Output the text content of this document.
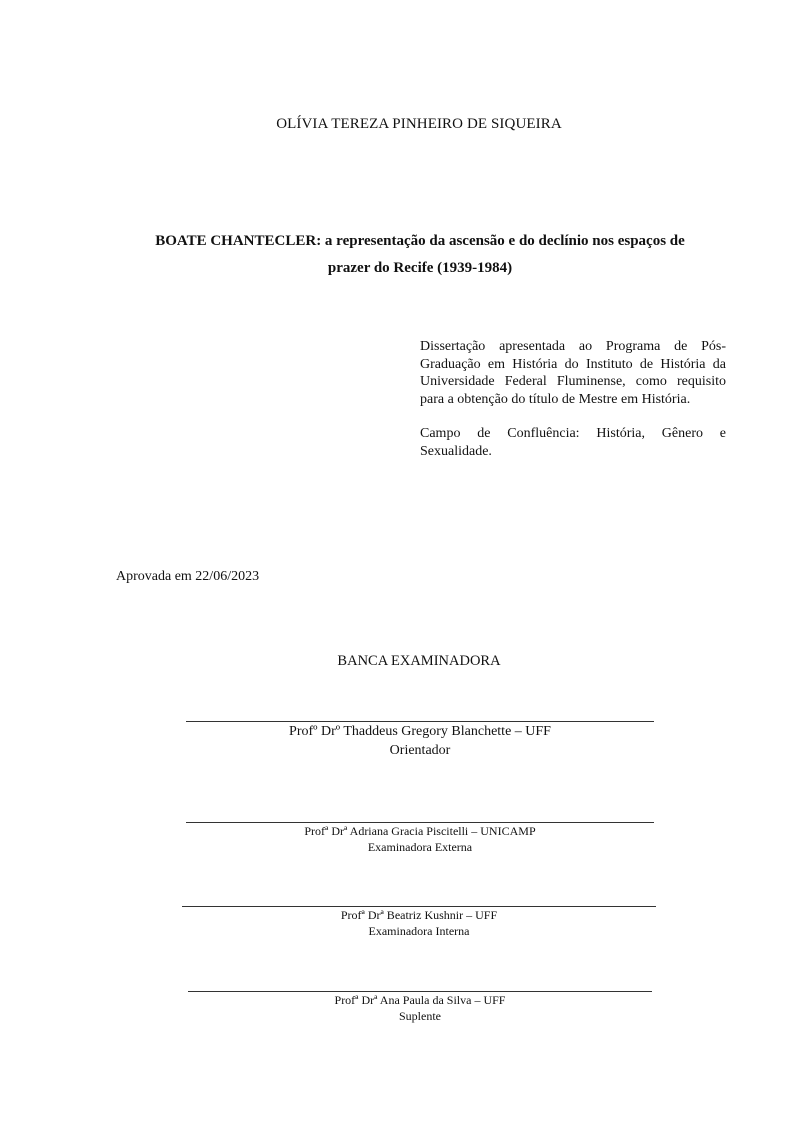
OLÍVIA TEREZA PINHEIRO DE SIQUEIRA
BOATE CHANTECLER: a representação da ascensão e do declínio nos espaços de
prazer do Recife (1939-1984)

Dissertação apresentada ao Programa de Pós-Graduação em História do Instituto de História da Universidade Federal Fluminense, como requisito para a obtenção do título de Mestre em História.

Campo de Confluência: História, Gênero e Sexualidade.

Aprovada em 22/06/2023
BANCA EXAMINADORA
Profº Drº Thaddeus Gregory Blanchette – UFF
Orientador
Profª Drª Adriana Gracia Piscitelli – UNICAMP
Examinadora Externa
Profª Drª Beatriz Kushnir – UFF
Examinadora Interna
Profª Drª Ana Paula da Silva – UFF
Suplente
